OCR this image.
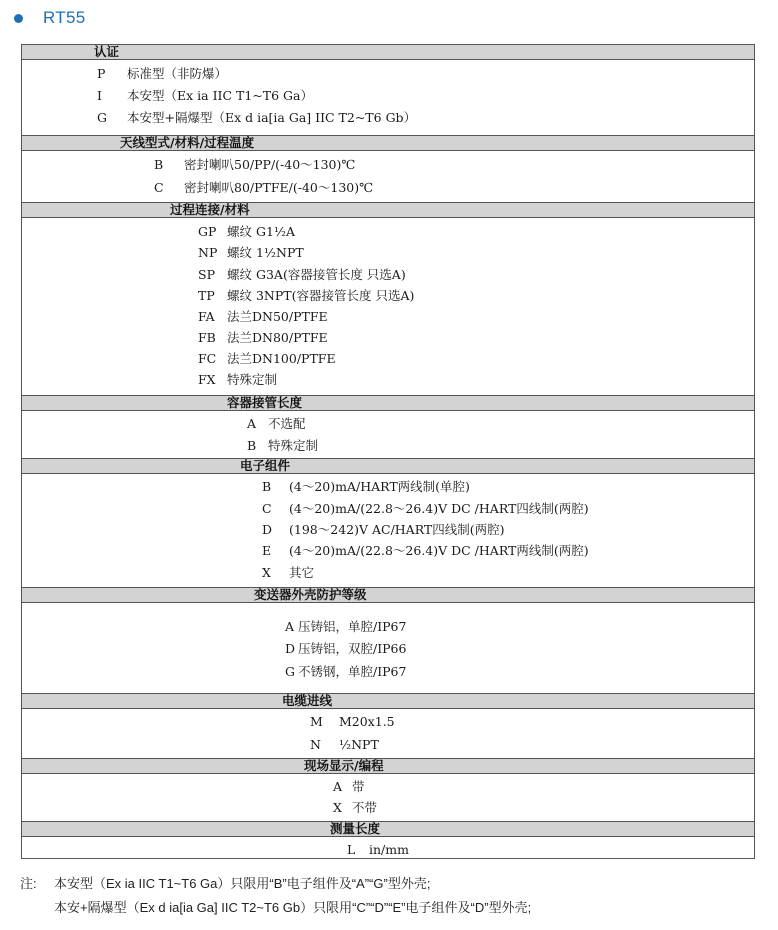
RT55
认证
P 标准型（非防爆）
I 本安型（Ex ia IIC T1~T6 Ga）
G 本安型+隔爆型（Ex d ia[ia Ga] IIC T2~T6 Gb）
天线型式/材料/过程温度
B 密封喇叭50/PP/(-40～130)℃
C 密封喇叭80/PTFE/(-40～130)℃
过程连接/材料
GP 螺纹 G1½A
NP 螺纹 1½NPT
SP 螺纹 G3A(容器接管长度 只选A)
TP 螺纹 3NPT(容器接管长度 只选A)
FA 法兰DN50/PTFE
FB 法兰DN80/PTFE
FC 法兰DN100/PTFE
FX 特殊定制
容器接管长度
A 不选配
B 特殊定制
电子组件
B (4～20)mA/HART两线制(单腔)
C (4～20)mA/(22.8～26.4)V DC /HART四线制(两腔)
D (198～242)V AC/HART四线制(两腔)
E (4～20)mA/(22.8～26.4)V DC /HART两线制(两腔)
X 其它
变送器外壳防护等级
A 压铸铝，单腔/IP67
D 压铸铝，双腔/IP66
G 不锈钢，单腔/IP67
电缆进线
M M20x1.5
N ½NPT
现场显示/编程
A 带
X 不带
测量长度
L in/mm
注: 本安型（Ex ia IIC T1~T6 Ga）只限用“B”电子组件及“A”“G”型外壳;
本安+隔爆型（Ex d ia[ia Ga] IIC T2~T6 Gb）只限用“C”“D”“E”电子组件及“D”型外壳;
